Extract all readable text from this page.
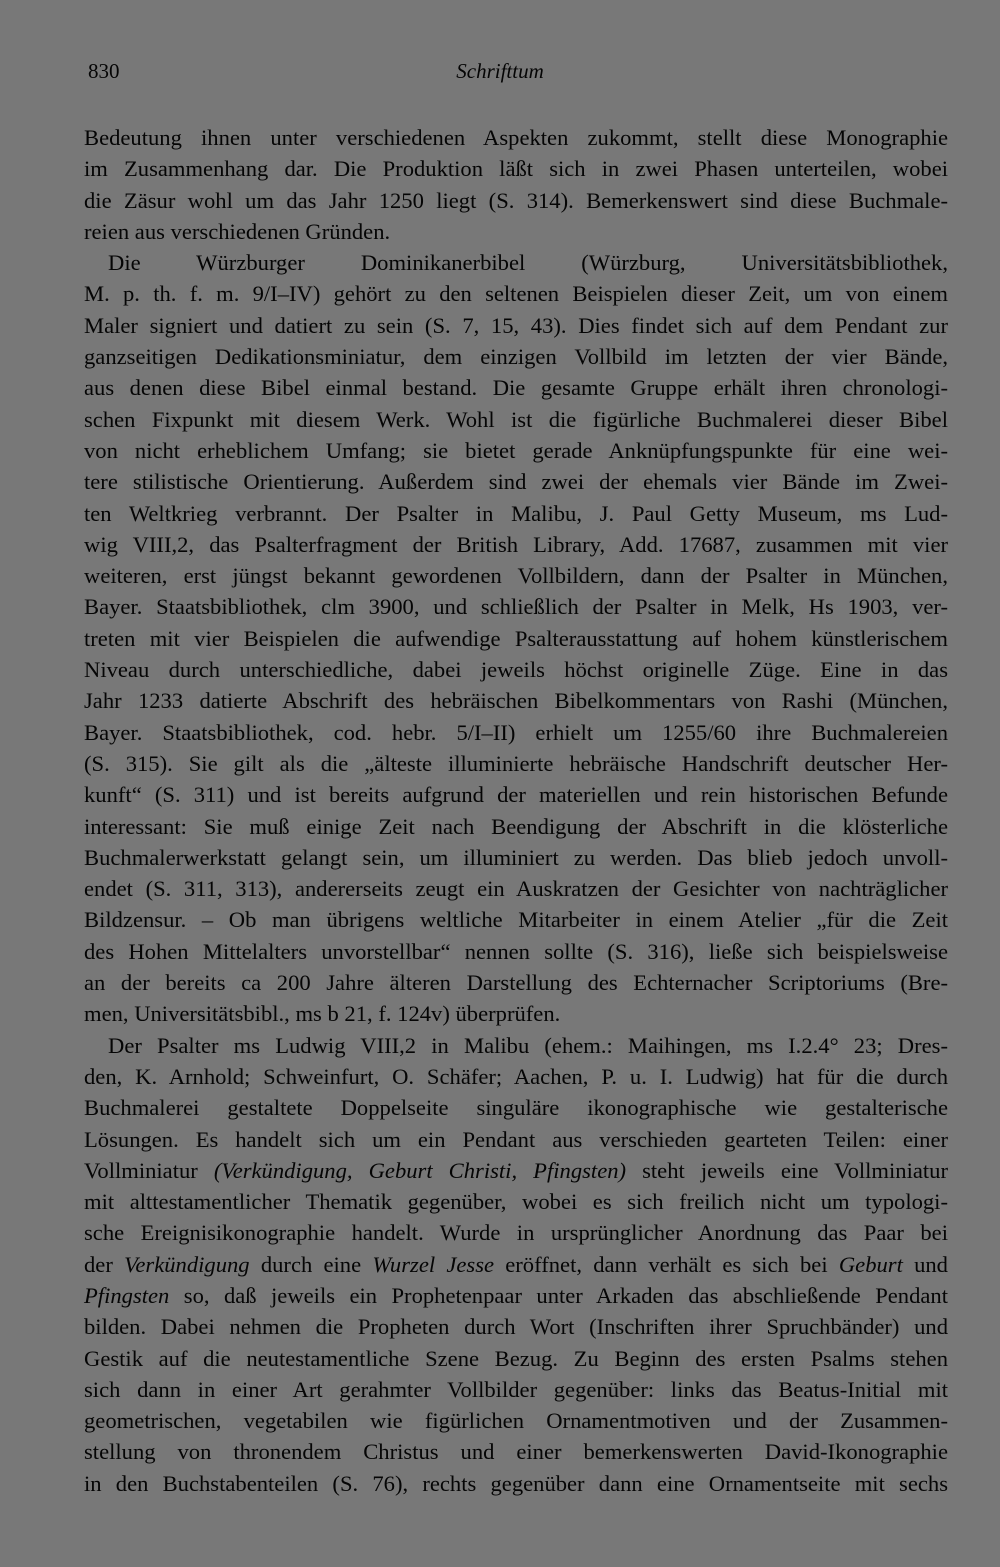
830	Schrifttum
Bedeutung ihnen unter verschiedenen Aspekten zukommt, stellt diese Monographie
im Zusammenhang dar. Die Produktion läßt sich in zwei Phasen unterteilen, wobei
die Zäsur wohl um das Jahr 1250 liegt (S. 314). Bemerkenswert sind diese Buchmale-
reien aus verschiedenen Gründen.
Die Würzburger Dominikanerbibel (Würzburg, Universitätsbibliothek,
M. p. th. f. m. 9/I–IV) gehört zu den seltenen Beispielen dieser Zeit, um von einem
Maler signiert und datiert zu sein (S. 7, 15, 43). Dies findet sich auf dem Pendant zur
ganzseitigen Dedikationsminiatur, dem einzigen Vollbild im letzten der vier Bände,
aus denen diese Bibel einmal bestand. Die gesamte Gruppe erhält ihren chronologi-
schen Fixpunkt mit diesem Werk. Wohl ist die figürliche Buchmalerei dieser Bibel
von nicht erheblichem Umfang; sie bietet gerade Anknüpfungspunkte für eine wei-
tere stilistische Orientierung. Außerdem sind zwei der ehemals vier Bände im Zwei-
ten Weltkrieg verbrannt. Der Psalter in Malibu, J. Paul Getty Museum, ms Lud-
wig VIII,2, das Psalterfragment der British Library, Add. 17687, zusammen mit vier
weiteren, erst jüngst bekannt gewordenen Vollbildern, dann der Psalter in München,
Bayer. Staatsbibliothek, clm 3900, und schließlich der Psalter in Melk, Hs 1903, ver-
treten mit vier Beispielen die aufwendige Psalterausstattung auf hohem künstlerischem
Niveau durch unterschiedliche, dabei jeweils höchst originelle Züge. Eine in das
Jahr 1233 datierte Abschrift des hebräischen Bibelkommentars von Rashi (München,
Bayer. Staatsbibliothek, cod. hebr. 5/I–II) erhielt um 1255/60 ihre Buchmalereien
(S. 315). Sie gilt als die „älteste illuminierte hebräische Handschrift deutscher Her-
kunft“ (S. 311) und ist bereits aufgrund der materiellen und rein historischen Befunde
interessant: Sie muß einige Zeit nach Beendigung der Abschrift in die klösterliche
Buchmalerwerkstatt gelangt sein, um illuminiert zu werden. Das blieb jedoch unvoll-
endet (S. 311, 313), andererseits zeugt ein Auskratzen der Gesichter von nachträglicher
Bildzensur. – Ob man übrigens weltliche Mitarbeiter in einem Atelier „für die Zeit
des Hohen Mittelalters unvorstellbar“ nennen sollte (S. 316), ließe sich beispielsweise
an der bereits ca 200 Jahre älteren Darstellung des Echternacher Scriptoriums (Bre-
men, Universitätsbibl., ms b 21, f. 124v) überprüfen.
Der Psalter ms Ludwig VIII,2 in Malibu (ehem.: Maihingen, ms I.2.4° 23; Dres-
den, K. Arnhold; Schweinfurt, O. Schäfer; Aachen, P. u. I. Ludwig) hat für die durch
Buchmalerei gestaltete Doppelseite singuläre ikonographische wie gestalterische
Lösungen. Es handelt sich um ein Pendant aus verschieden gearteten Teilen: einer
Vollminiatur (Verkündigung, Geburt Christi, Pfingsten) steht jeweils eine Vollminiatur
mit alttestamentlicher Thematik gegenüber, wobei es sich freilich nicht um typologi-
sche Ereignisikonographie handelt. Wurde in ursprünglicher Anordnung das Paar bei
der Verkündigung durch eine Wurzel Jesse eröffnet, dann verhält es sich bei Geburt und
Pfingsten so, daß jeweils ein Prophetenpaar unter Arkaden das abschließende Pendant
bilden. Dabei nehmen die Propheten durch Wort (Inschriften ihrer Spruchbänder) und
Gestik auf die neutestamentliche Szene Bezug. Zu Beginn des ersten Psalms stehen
sich dann in einer Art gerahmter Vollbilder gegenüber: links das Beatus-Initial mit
geometrischen, vegetabilen wie figürlichen Ornamentmotiven und der Zusammen-
stellung von thronendem Christus und einer bemerkenswerten David-Ikonographie
in den Buchstabenteilen (S. 76), rechts gegenüber dann eine Ornamentseite mit sechs
